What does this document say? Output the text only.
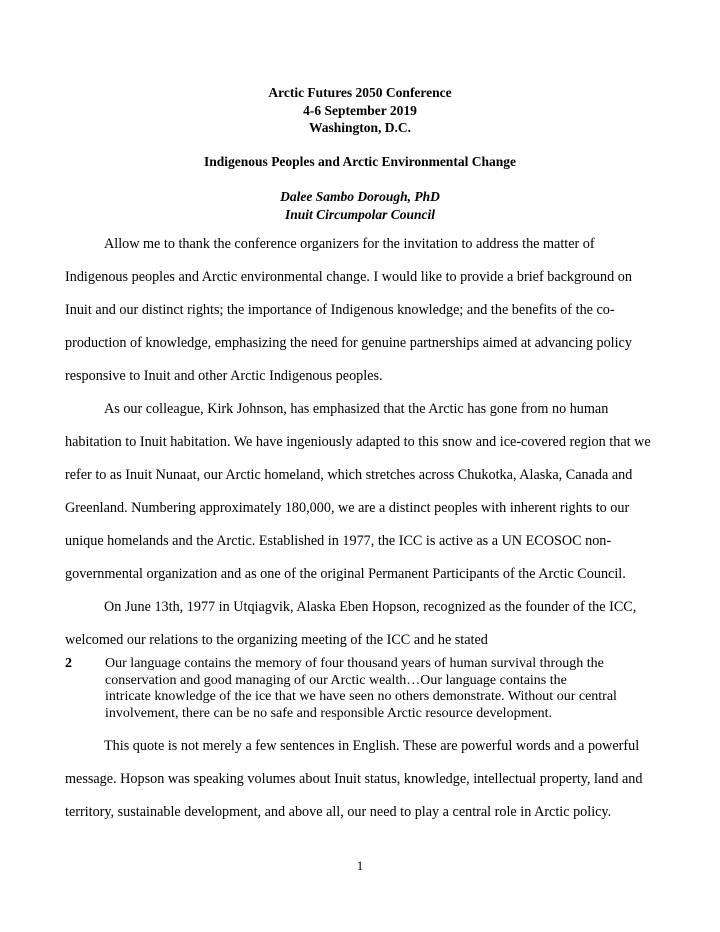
Arctic Futures 2050 Conference
4-6 September 2019
Washington, D.C.
Indigenous Peoples and Arctic Environmental Change
Dalee Sambo Dorough, PhD
Inuit Circumpolar Council
Allow me to thank the conference organizers for the invitation to address the matter of
Indigenous peoples and Arctic environmental change. I would like to provide a brief background on
Inuit and our distinct rights; the importance of Indigenous knowledge; and the benefits of the co-
production of knowledge, emphasizing the need for genuine partnerships aimed at advancing policy
responsive to Inuit and other Arctic Indigenous peoples.
As our colleague, Kirk Johnson, has emphasized that the Arctic has gone from no human
habitation to Inuit habitation. We have ingeniously adapted to this snow and ice-covered region that we
refer to as Inuit Nunaat, our Arctic homeland, which stretches across Chukotka, Alaska, Canada and
Greenland. Numbering approximately 180,000, we are a distinct peoples with inherent rights to our
unique homelands and the Arctic. Established in 1977, the ICC is active as a UN ECOSOC non-
governmental organization and as one of the original Permanent Participants of the Arctic Council.
On June 13th, 1977 in Utqiagvik, Alaska Eben Hopson, recognized as the founder of the ICC,
welcomed our relations to the organizing meeting of the ICC and he stated
2 Our language contains the memory of four thousand years of human survival through the
conservation and good managing of our Arctic wealth…Our language contains the
intricate knowledge of the ice that we have seen no others demonstrate. Without our central
involvement, there can be no safe and responsible Arctic resource development.
This quote is not merely a few sentences in English. These are powerful words and a powerful
message. Hopson was speaking volumes about Inuit status, knowledge, intellectual property, land and
territory, sustainable development, and above all, our need to play a central role in Arctic policy.
1
